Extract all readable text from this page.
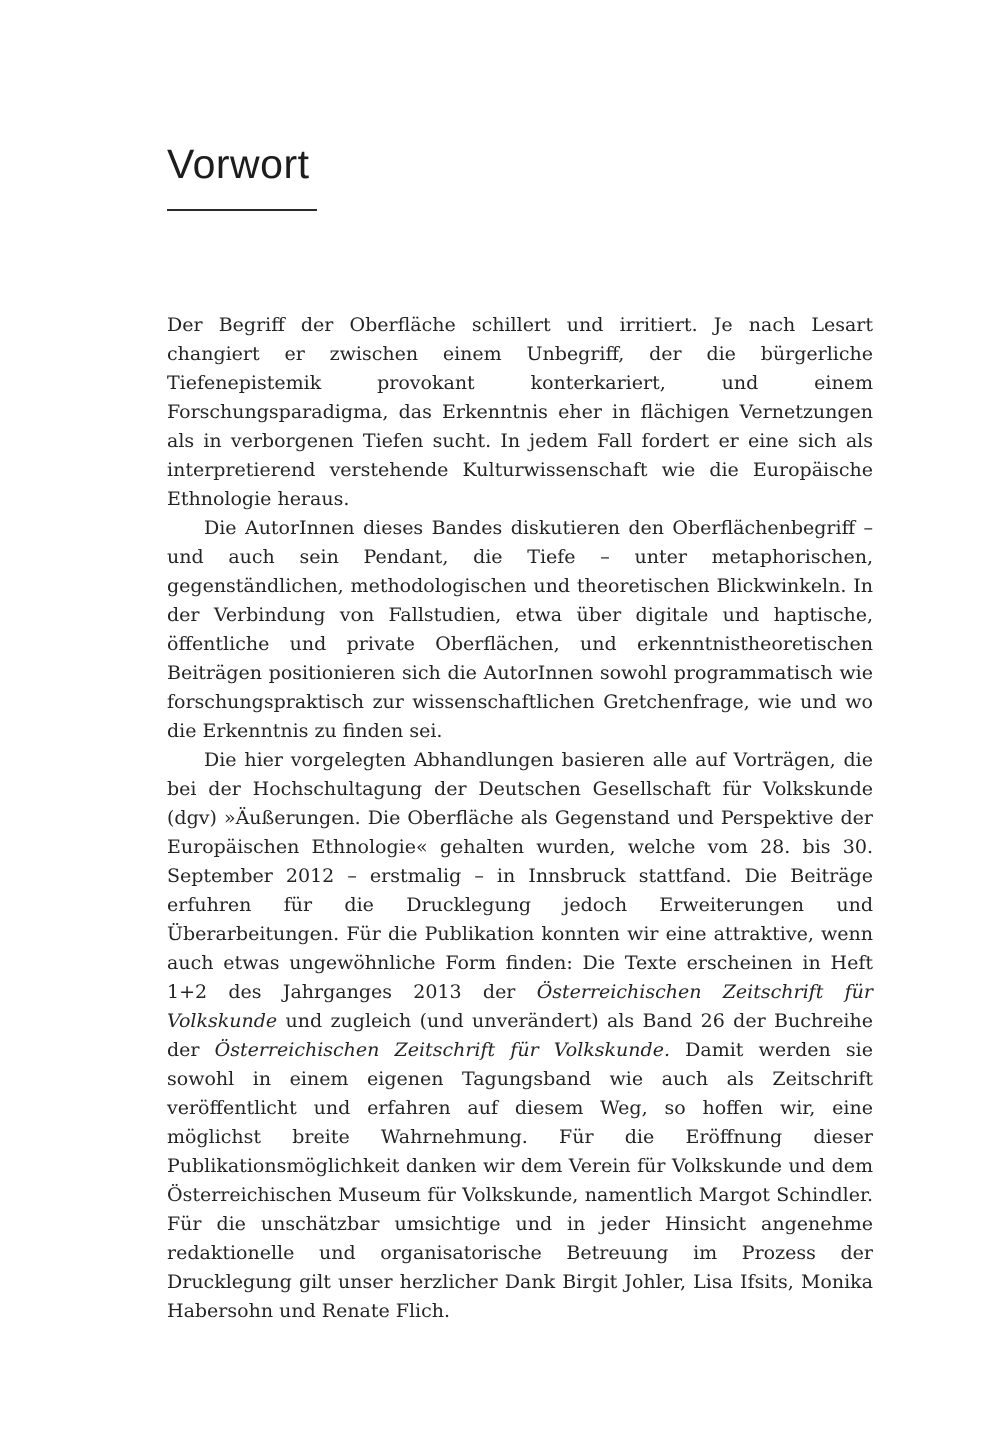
Vorwort

Der Begriff der Oberfläche schillert und irritiert. Je nach Lesart changiert er zwischen einem Unbegriff, der die bürgerliche Tiefenepistemik provokant konterkariert, und einem Forschungsparadigma, das Erkenntnis eher in flächigen Vernetzungen als in verborgenen Tiefen sucht. In jedem Fall fordert er eine sich als interpretierend verstehende Kulturwissenschaft wie die Europäische Ethnologie heraus.

Die AutorInnen dieses Bandes diskutieren den Oberflächenbegriff – und auch sein Pendant, die Tiefe – unter metaphorischen, gegenständlichen, methodologischen und theoretischen Blickwinkeln. In der Verbindung von Fallstudien, etwa über digitale und haptische, öffentliche und private Oberflächen, und erkenntnistheoretischen Beiträgen positionieren sich die AutorInnen sowohl programmatisch wie forschungspraktisch zur wissenschaftlichen Gretchenfrage, wie und wo die Erkenntnis zu finden sei.

Die hier vorgelegten Abhandlungen basieren alle auf Vorträgen, die bei der Hochschultagung der Deutschen Gesellschaft für Volkskunde (dgv) »Äußerungen. Die Oberfläche als Gegenstand und Perspektive der Europäischen Ethnologie« gehalten wurden, welche vom 28. bis 30. September 2012 – erstmalig – in Innsbruck stattfand. Die Beiträge erfuhren für die Drucklegung jedoch Erweiterungen und Überarbeitungen. Für die Publikation konnten wir eine attraktive, wenn auch etwas ungewöhnliche Form finden: Die Texte erscheinen in Heft 1+2 des Jahrganges 2013 der Österreichischen Zeitschrift für Volkskunde und zugleich (und unverändert) als Band 26 der Buchreihe der Österreichischen Zeitschrift für Volkskunde. Damit werden sie sowohl in einem eigenen Tagungsband wie auch als Zeitschrift veröffentlicht und erfahren auf diesem Weg, so hoffen wir, eine möglichst breite Wahrnehmung. Für die Eröffnung dieser Publikationsmöglichkeit danken wir dem Verein für Volkskunde und dem Österreichischen Museum für Volkskunde, namentlich Margot Schindler. Für die unschätzbar umsichtige und in jeder Hinsicht angenehme redaktionelle und organisatorische Betreuung im Prozess der Drucklegung gilt unser herzlicher Dank Birgit Johler, Lisa Ifsits, Monika Habersohn und Renate Flich.
